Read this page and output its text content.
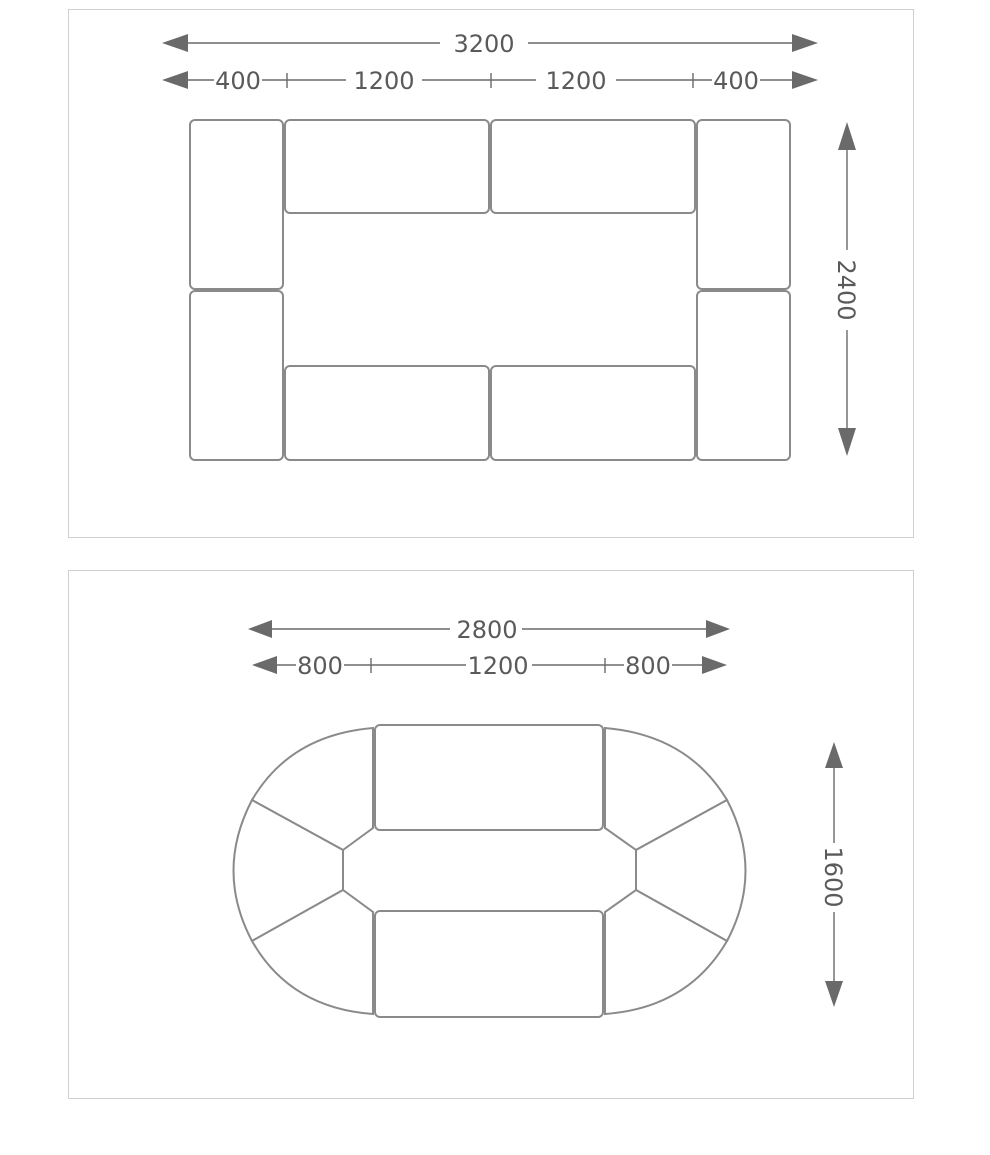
3200
400	1200	1200	400
2400
2800
800	1200	800
1600
